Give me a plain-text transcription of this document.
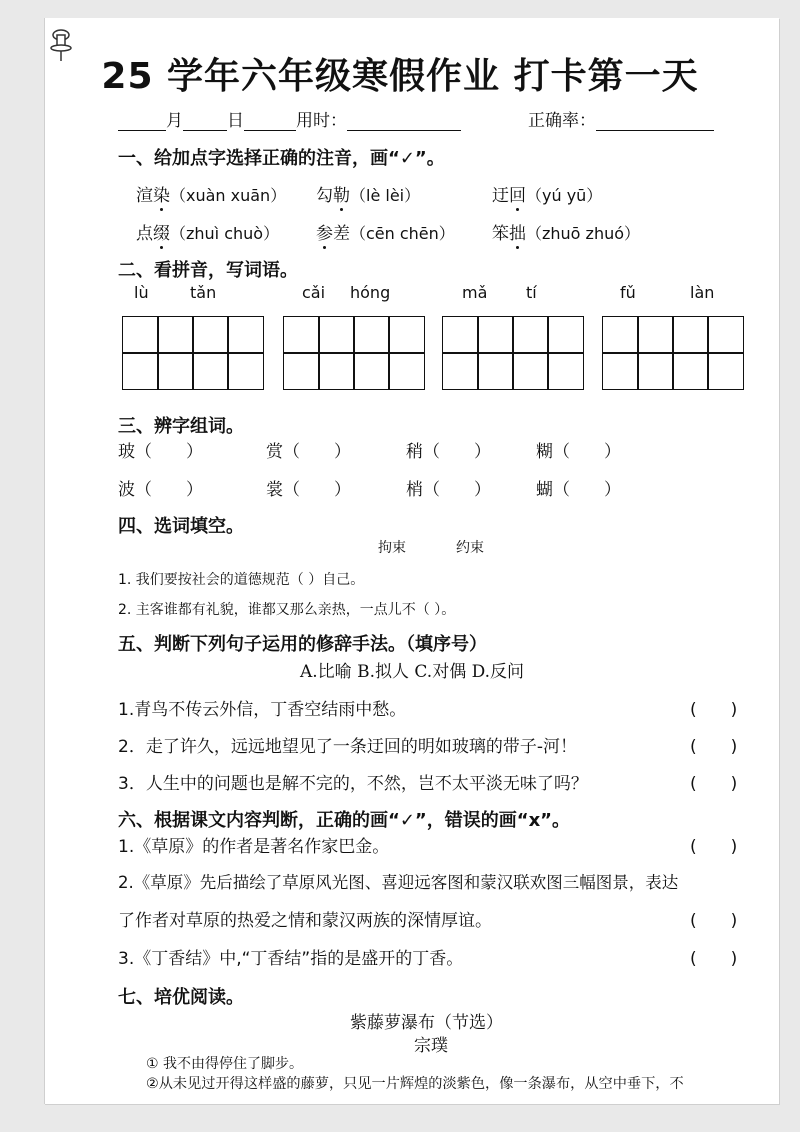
25 学年六年级寒假作业 打卡第一天
月	日	用时：	正确率：
一、给加点字选择正确的注音，画“✓”。
渲染（xuàn xuān） 勾勒（lè lèi）	迂回（yú yū）
点缀（zhuì chuò） 参差（cēn chēn） 笨拙（zhuō zhuó）
二、看拼音，写词语。
lù	tǎn	cǎi hóng	mǎ tí	fǔ	làn
三、辨字组词。
玻（　　）	赏（　　）	稍（　　）	糊（　　）
波（　　）	裳（　　）	梢（　　）	蝴（　　）
四、选词填空。
拘束	约束
1. 我们要按社会的道德规范（ ）自己。
2. 主客谁都有礼貌，谁都又那么亲热，一点儿不（ ）。
五、判断下列句子运用的修辞手法。（填序号）
A.比喻 B.拟人 C.对偶 D.反问
1.青鸟不传云外信，丁香空结雨中愁。	(　　)
2．走了许久，远远地望见了一条迂回的明如玻璃的带子-河！	(　　)
3．人生中的问题也是解不完的，不然，岂不太平淡无味了吗？	(　　)
六、根据课文内容判断，正确的画“✓”，错误的画“x”。
1.《草原》的作者是著名作家巴金。	(　　)
2.《草原》先后描绘了草原风光图、喜迎远客图和蒙汉联欢图三幅图景，表达
了作者对草原的热爱之情和蒙汉两族的深情厚谊。	(　　)
3.《丁香结》中,“丁香结”指的是盛开的丁香。	(　　)
七、培优阅读。
紫藤萝瀑布（节选）
宗璞
① 我不由得停住了脚步。
②从未见过开得这样盛的藤萝，只见一片辉煌的淡紫色，像一条瀑布，从空中垂下，不
